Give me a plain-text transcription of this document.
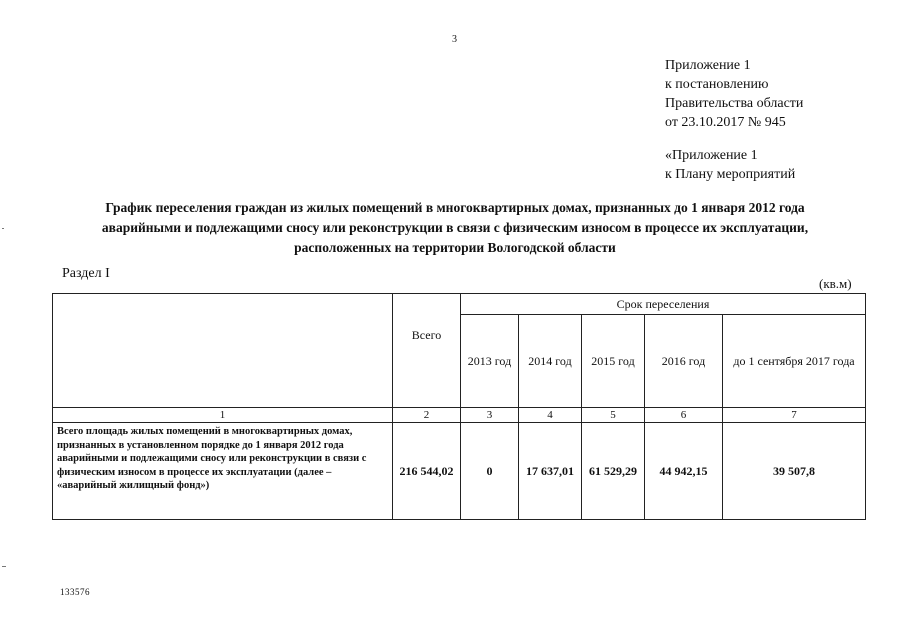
3
Приложение 1
к постановлению
Правительства области
от 23.10.2017 № 945
«Приложение 1
к Плану мероприятий
График переселения граждан из жилых помещений в многоквартирных домах, признанных до 1 января 2012 года
аварийными и подлежащими сносу или реконструкции в связи с физическим износом в процессе их эксплуатации,
расположенных на территории Вологодской области
Раздел I
(кв.м)
	Всего	Срок переселения				
		2013 год	2014 год	2015 год	2016 год	до 1 сентября 2017 года
1	2	3	4	5	6	7
Всего площадь жилых помещений в многоквартирных домах, признанных в установленном порядке до 1 января 2012 года аварийными и подлежащими сносу или реконструкции в связи с физическим износом в процессе их эксплуатации (далее – «аварийный жилищный фонд»)	216 544,02	0	17 637,01	61 529,29	44 942,15	39 507,8
133576
